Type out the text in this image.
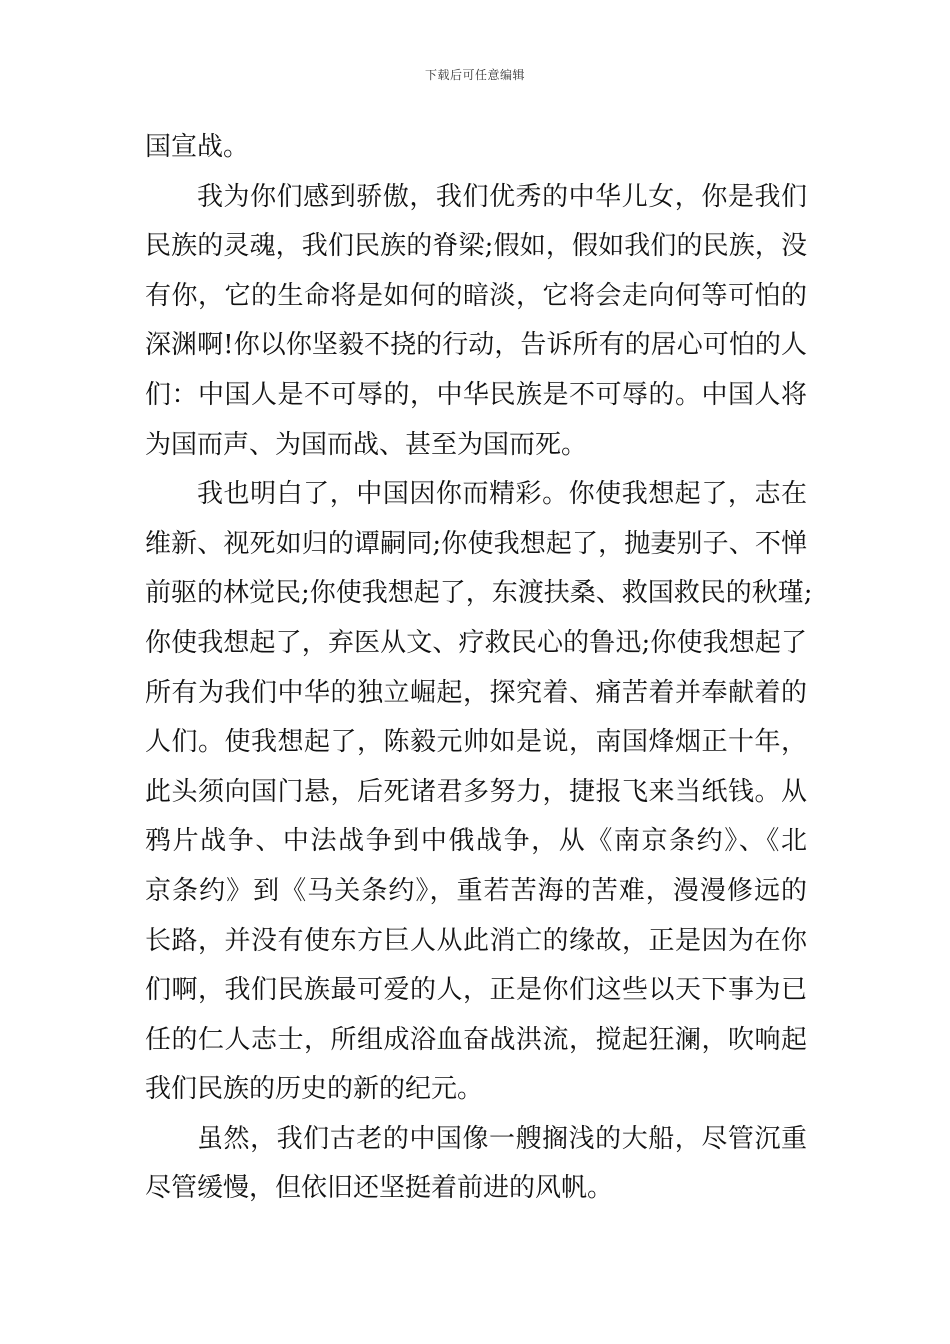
下载后可任意编辑
国宣战。
我为你们感到骄傲，我们优秀的中华儿女，你是我们
民族的灵魂，我们民族的脊梁;假如，假如我们的民族，没
有你，它的生命将是如何的暗淡，它将会走向何等可怕的
深渊啊!你以你坚毅不挠的行动，告诉所有的居心可怕的人
们：中国人是不可辱的，中华民族是不可辱的。中国人将
为国而声、为国而战、甚至为国而死。
我也明白了，中国因你而精彩。你使我想起了，志在
维新、视死如归的谭嗣同;你使我想起了，抛妻别子、不惮
前驱的林觉民;你使我想起了，东渡扶桑、救国救民的秋瑾;
你使我想起了，弃医从文、疗救民心的鲁迅;你使我想起了
所有为我们中华的独立崛起，探究着、痛苦着并奉献着的
人们。使我想起了，陈毅元帅如是说，南国烽烟正十年，
此头须向国门悬，后死诸君多努力，捷报飞来当纸钱。从
鸦片战争、中法战争到中俄战争，从《南京条约》、《北
京条约》到《马关条约》，重若苦海的苦难，漫漫修远的
长路，并没有使东方巨人从此消亡的缘故，正是因为在你
们啊，我们民族最可爱的人，正是你们这些以天下事为已
任的仁人志士，所组成浴血奋战洪流，搅起狂澜，吹响起
我们民族的历史的新的纪元。
虽然，我们古老的中国像一艘搁浅的大船，尽管沉重
尽管缓慢，但依旧还坚挺着前进的风帆。
